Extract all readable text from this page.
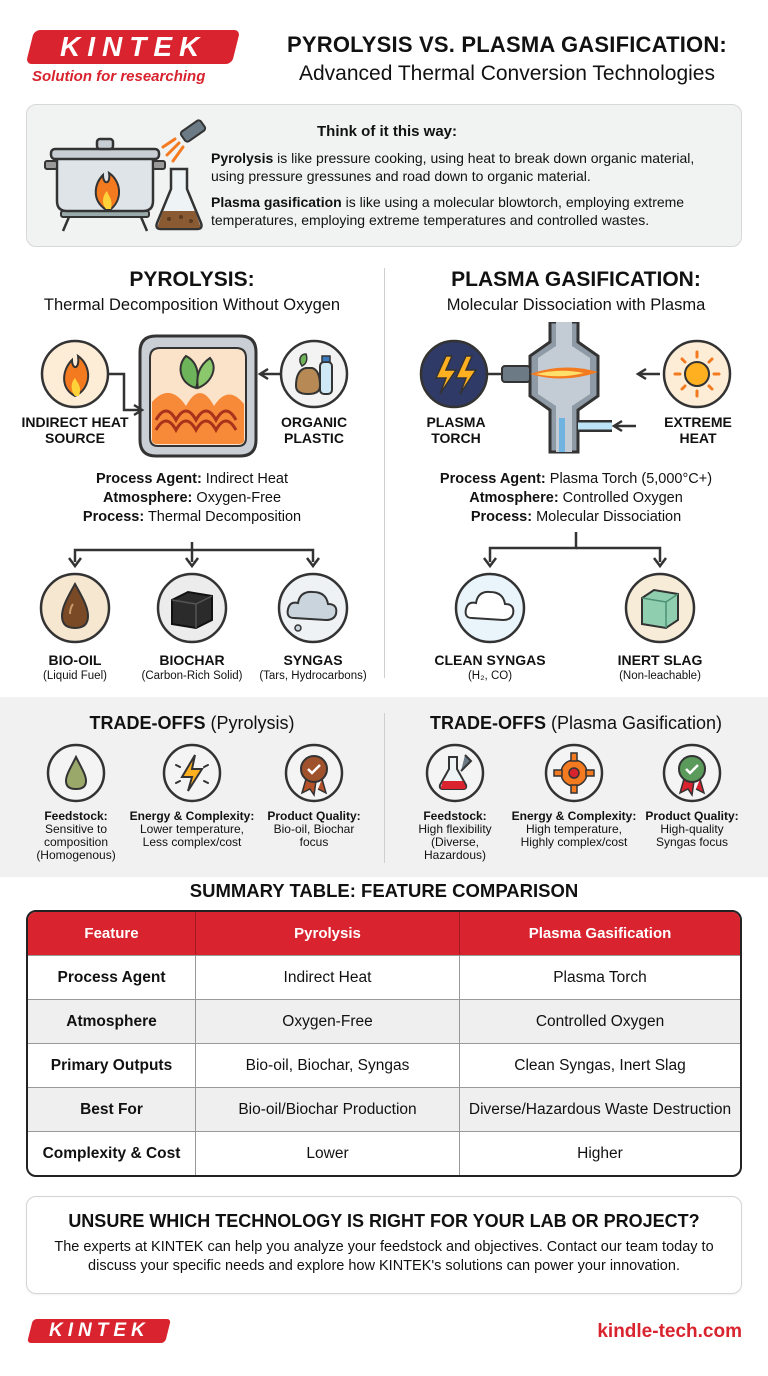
KINTEK
Solution for researching
PYROLYSIS VS. PLASMA GASIFICATION:
Advanced Thermal Conversion Technologies
Think of it this way:
Pyrolysis is like pressure cooking, using heat to break down organic material, using pressure gressunes and road down to organic material.
Plasma gasification is like using a molecular blowtorch, employing extreme temperatures, employing extreme temperatures and controlled wastes.
PYROLYSIS:
Thermal Decomposition Without Oxygen
INDIRECT HEAT SOURCE
ORGANIC PLASTIC
Process Agent: Indirect Heat
Atmosphere: Oxygen-Free
Process: Thermal Decomposition
BIO-OIL
(Liquid Fuel)
BIOCHAR
(Carbon-Rich Solid)
SYNGAS
(Tars, Hydrocarbons)
PLASMA GASIFICATION:
Molecular Dissociation with Plasma
PLASMA TORCH
EXTREME HEAT
Process Agent: Plasma Torch (5,000°C+)
Atmosphere: Controlled Oxygen
Process: Molecular Dissociation
CLEAN SYNGAS
(H₂, CO)
INERT SLAG
(Non-leachable)
TRADE-OFFS (Pyrolysis)	TRADE-OFFS (Plasma Gasification)
Feedstock:
Sensitive to composition (Homogenous)
Energy & Complexity:
Lower temperature, Less complex/cost
Product Quality:
Bio-oil, Biochar focus
Feedstock:
High flexibility (Diverse, Hazardous)
Energy & Complexity:
High temperature, Highly complex/cost
Product Quality:
High-quality Syngas focus
SUMMARY TABLE: FEATURE COMPARISON
Feature	Pyrolysis	Plasma Gasification
Process Agent	Indirect Heat	Plasma Torch
Atmosphere	Oxygen-Free	Controlled Oxygen
Primary Outputs	Bio-oil, Biochar, Syngas	Clean Syngas, Inert Slag
Best For	Bio-oil/Biochar Production	Diverse/Hazardous Waste Destruction
Complexity & Cost	Lower	Higher
UNSURE WHICH TECHNOLOGY IS RIGHT FOR YOUR LAB OR PROJECT?
The experts at KINTEK can help you analyze your feedstock and objectives. Contact our team today to discuss your specific needs and explore how KINTEK's solutions can power your innovation.
KINTEK	kindle-tech.com
